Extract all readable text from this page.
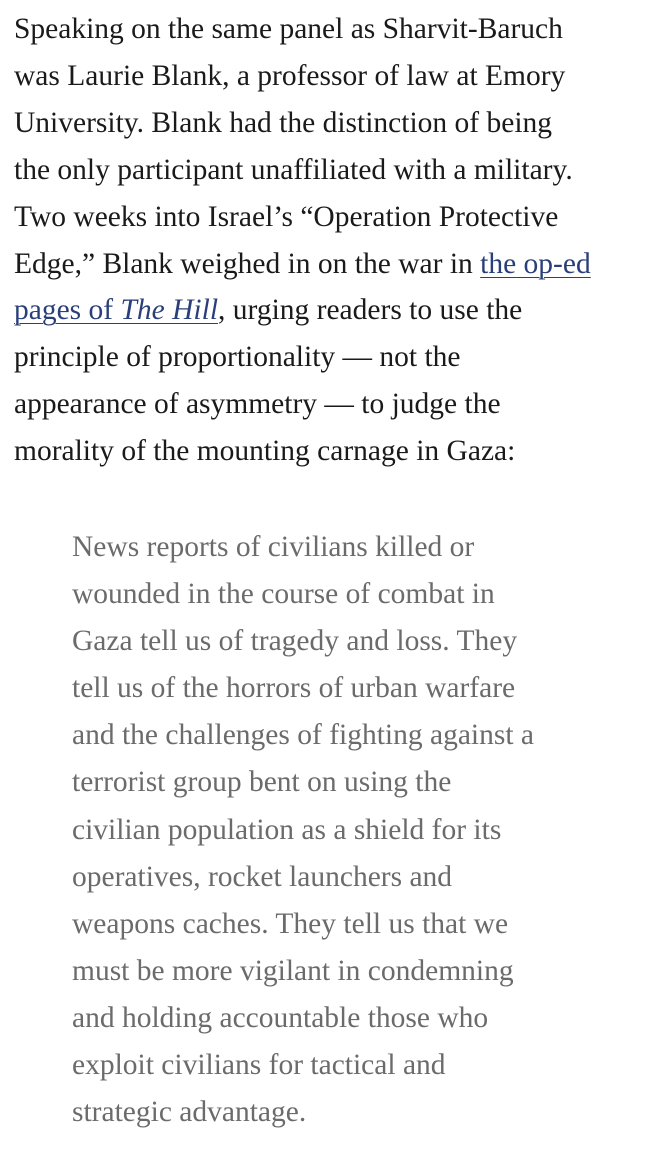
Speaking on the same panel as Sharvit-Baruch
was Laurie Blank, a professor of law at Emory
University. Blank had the distinction of being
the only participant unaffiliated with a military.
Two weeks into Israel’s “Operation Protective
Edge,” Blank weighed in on the war in the op-ed
pages of The Hill, urging readers to use the
principle of proportionality — not the
appearance of asymmetry — to judge the
morality of the mounting carnage in Gaza:

News reports of civilians killed or
wounded in the course of combat in
Gaza tell us of tragedy and loss. They
tell us of the horrors of urban warfare
and the challenges of fighting against a
terrorist group bent on using the
civilian population as a shield for its
operatives, rocket launchers and
weapons caches. They tell us that we
must be more vigilant in condemning
and holding accountable those who
exploit civilians for tactical and
strategic advantage.
